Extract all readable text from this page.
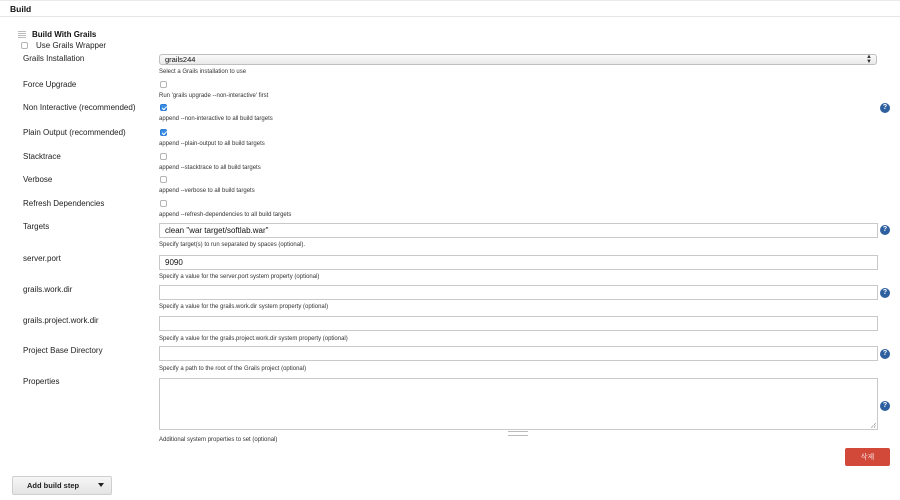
Build
Build With Grails
Use Grails Wrapper
Grails Installation	grails244	▲
▼
Select a Grails installation to use
Force Upgrade
Run 'grails upgrade --non-interactive' first
Non Interactive (recommended)	?
append --non-interactive to all build targets
Plain Output (recommended)
append --plain-output to all build targets
Stacktrace
append --stacktrace to all build targets
Verbose
append --verbose to all build targets
Refresh Dependencies
append --refresh-dependencies to all build targets
Targets	clean "war target/softlab.war"	?
Specify target(s) to run separated by spaces (optional).
server.port	9090
Specify a value for the server.port system property (optional)
grails.work.dir	?
Specify a value for the grails.work.dir system property (optional)
grails.project.work.dir
Specify a value for the grails.project.work.dir system property (optional)
Project Base Directory	?
Specify a path to the root of the Grails project (optional)
Properties
?
Additional system properties to set (optional)
삭제
Add build step
